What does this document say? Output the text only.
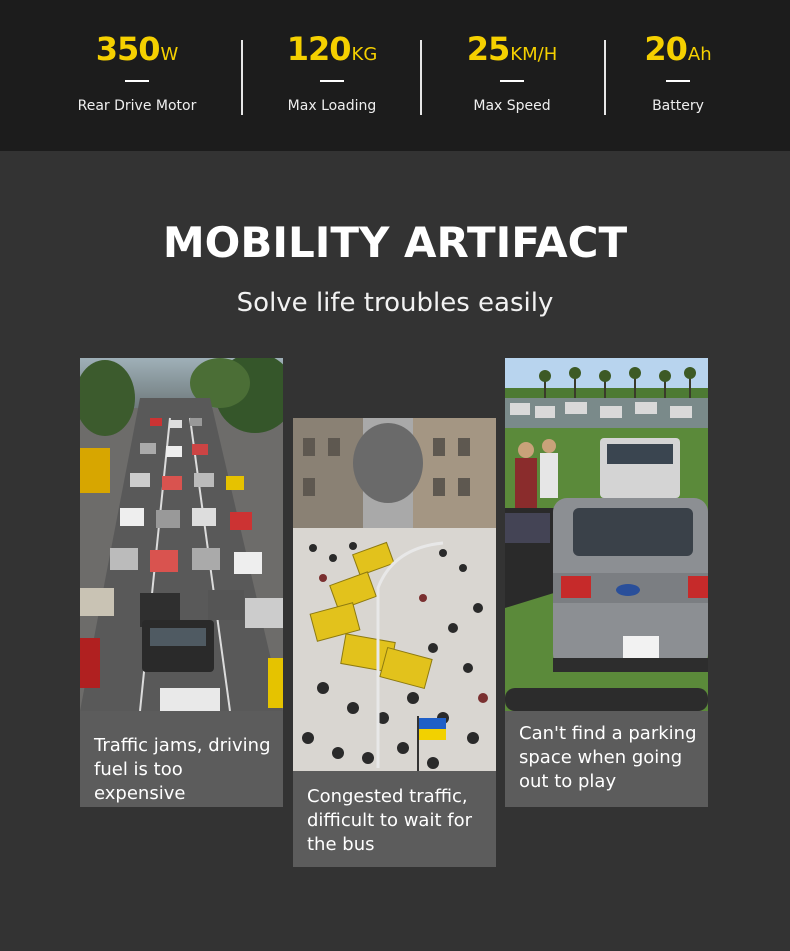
350W
Rear Drive Motor
120KG
Max Loading
25KM/H
Max Speed
20Ah
Battery
MOBILITY ARTIFACT
Solve life troubles easily
Traffic jams, driving fuel is too expensive	Congested traffic, difficult to wait for the bus
Can't find a parking space when going out to play
